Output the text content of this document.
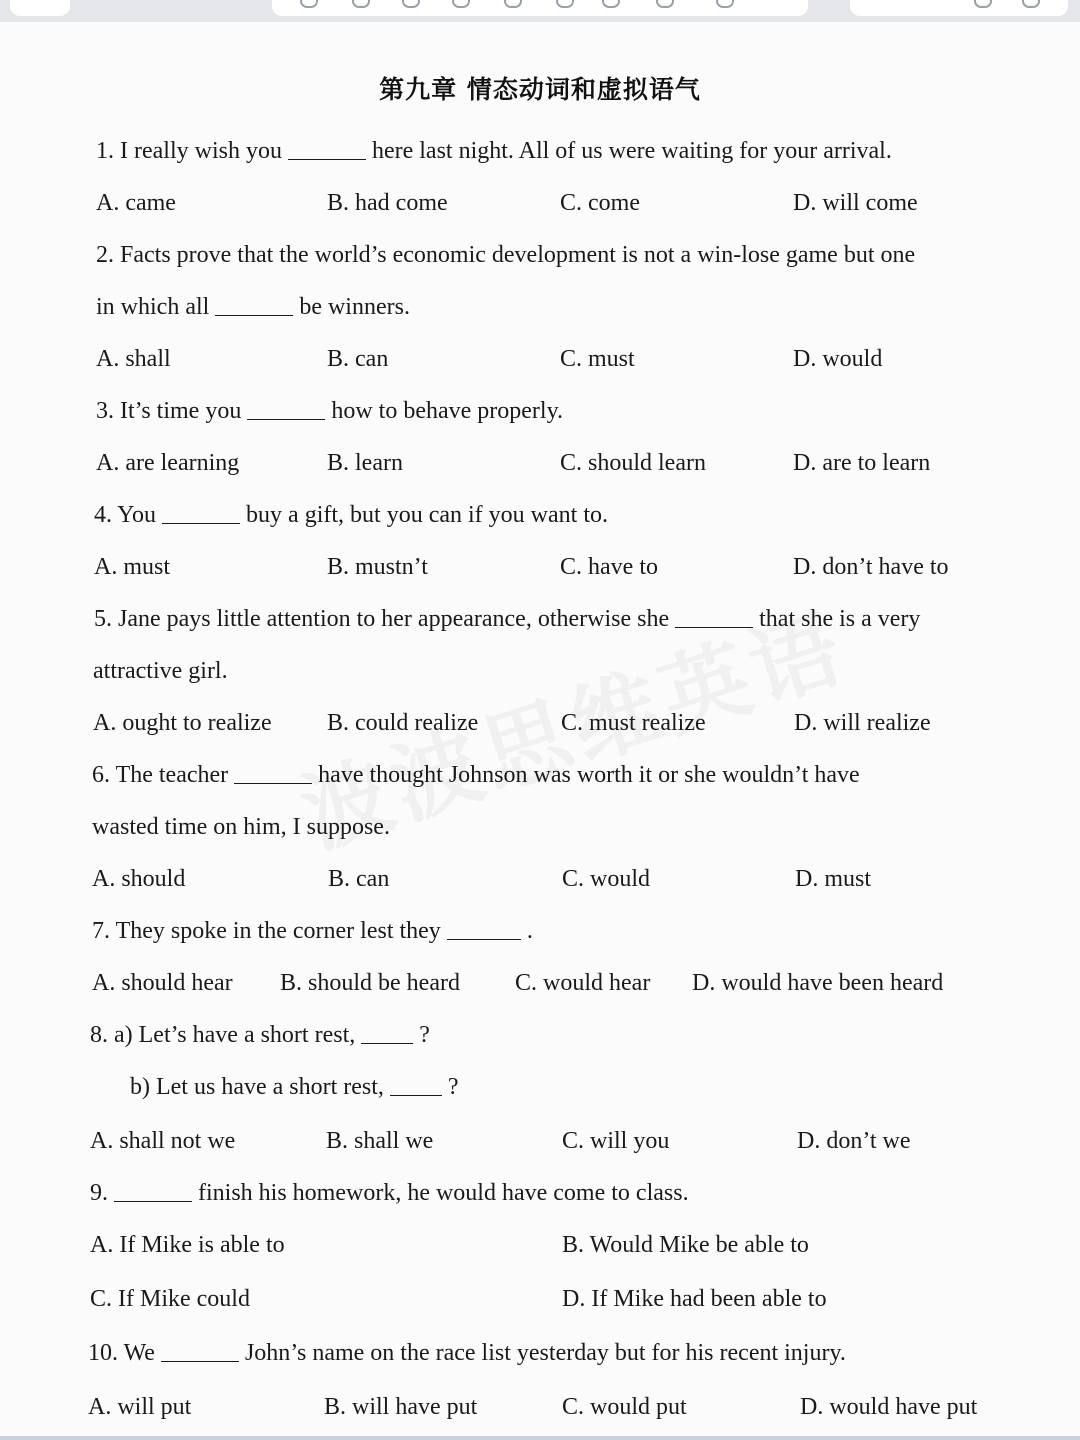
第九章 情态动词和虚拟语气
1. I really wish you	here last night. All of us were waiting for your arrival.
A. came	B. had come	C. come	D. will come
2. Facts prove that the world’s economic development is not a win-lose game but one
in which all	be winners.
A. shall	B. can	C. must	D. would
3. It’s time you	how to behave properly.
A. are learning	B. learn	C. should learn	D. are to learn
4. You	buy a gift, but you can if you want to.
A. must	B. mustn’t	C. have to	D. don’t have to
5. Jane pays little attention to her appearance, otherwise she	that she is a very
attractive girl.
A. ought to realize B. could realize	C. must realize	D. will realize
6. The teacher	have thought Johnson was worth it or she wouldn’t have
wasted time on him, I suppose.
A. should	B. can	C. would	D. must
7. They spoke in the corner lest they	.
A. should hear B. should be heard C. would hear D. would have been heard
8. a) Let’s have a short rest,	?
b) Let us have a short rest,	?
A. shall not we	B. shall we	C. will you	D. don’t we
9.	finish his homework, he would have come to class.
A. If Mike is able to	B. Would Mike be able to
C. If Mike could	D. If Mike had been able to
10. We	John’s name on the race list yesterday but for his recent injury.
A. will put	B. will have put	C. would put	D. would have put
